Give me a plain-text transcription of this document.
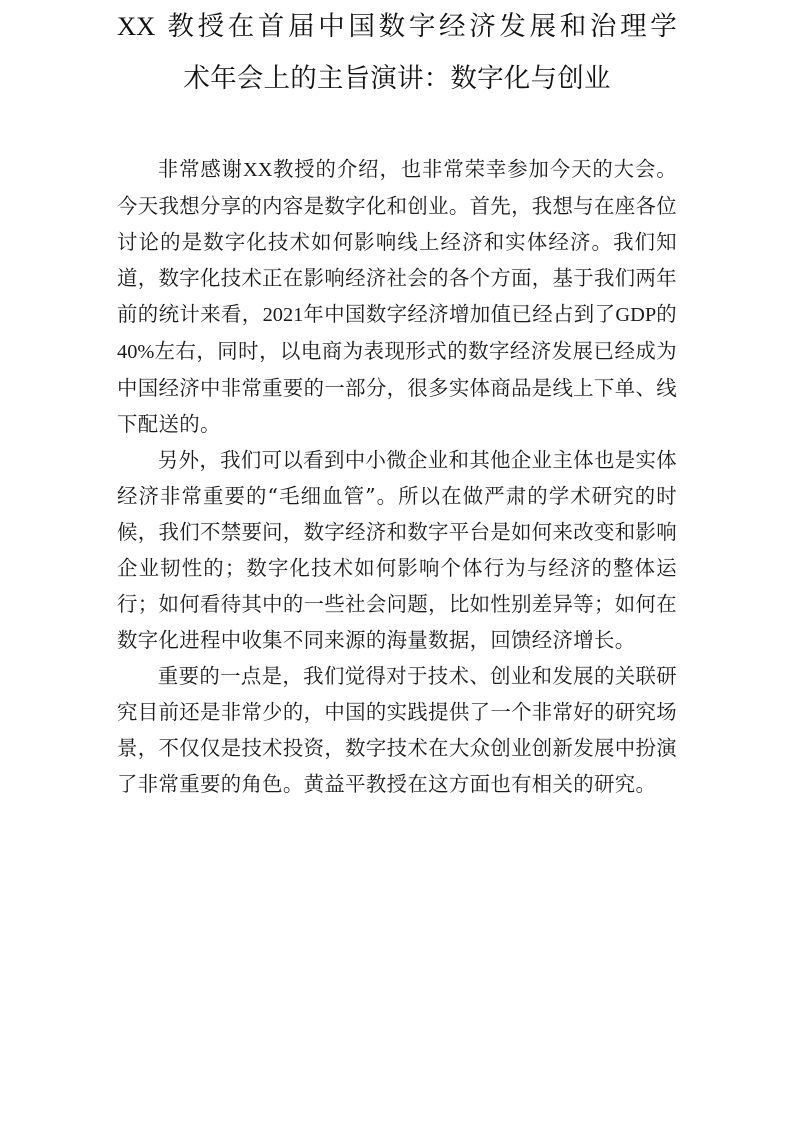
XX 教授在首届中国数字经济发展和治理学
术年会上的主旨演讲：数字化与创业

非常感谢XX教授的介绍，也非常荣幸参加今天的大会。今天我想分享的内容是数字化和创业。首先，我想与在座各位讨论的是数字化技术如何影响线上经济和实体经济。我们知道，数字化技术正在影响经济社会的各个方面，基于我们两年前的统计来看，2021年中国数字经济增加值已经占到了GDP的40%左右，同时，以电商为表现形式的数字经济发展已经成为中国经济中非常重要的一部分，很多实体商品是线上下单、线下配送的。

另外，我们可以看到中小微企业和其他企业主体也是实体经济非常重要的“毛细血管”。所以在做严肃的学术研究的时候，我们不禁要问，数字经济和数字平台是如何来改变和影响企业韧性的；数字化技术如何影响个体行为与经济的整体运行；如何看待其中的一些社会问题，比如性别差异等；如何在数字化进程中收集不同来源的海量数据，回馈经济增长。

重要的一点是，我们觉得对于技术、创业和发展的关联研究目前还是非常少的，中国的实践提供了一个非常好的研究场景，不仅仅是技术投资，数字技术在大众创业创新发展中扮演了非常重要的角色。黄益平教授在这方面也有相关的研究。
